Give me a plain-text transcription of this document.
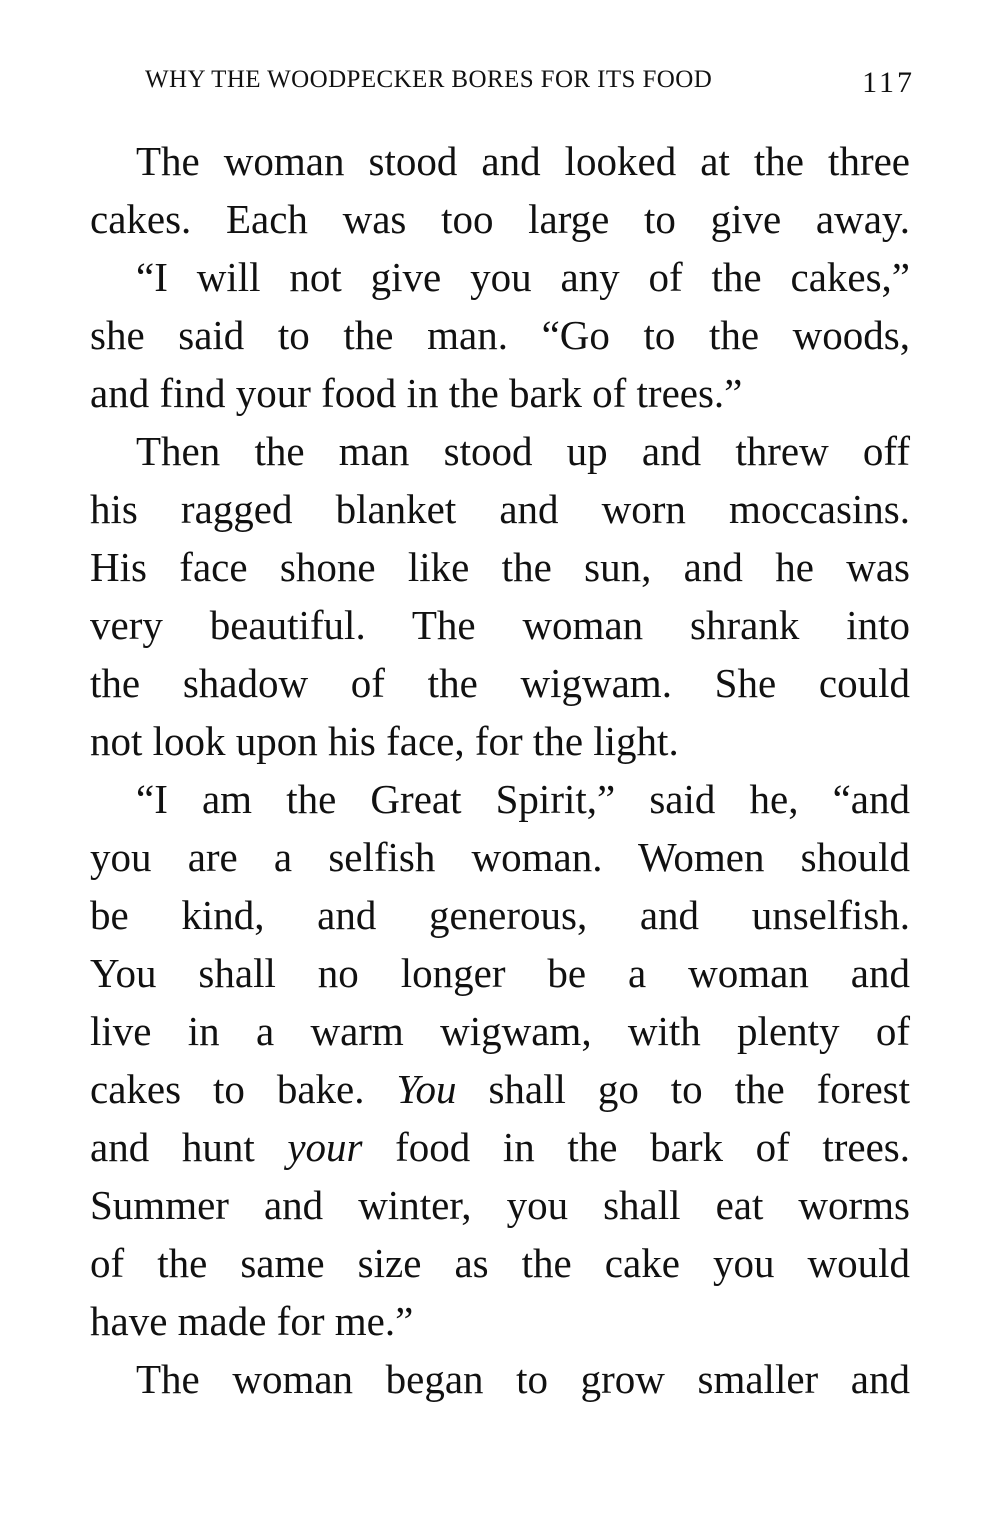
WHY THE WOODPECKER BORES FOR ITS FOOD	117
The woman stood and looked at the three
cakes. Each was too large to give away.
“I will not give you any of the cakes,”
she said to the man. “Go to the woods,
and find your food in the bark of trees.”
Then the man stood up and threw off
his ragged blanket and worn moccasins.
His face shone like the sun, and he was
very beautiful. The woman shrank into
the shadow of the wigwam. She could
not look upon his face, for the light.
“I am the Great Spirit,” said he, “and
you are a selfish woman. Women should
be kind, and generous, and unselfish.
You shall no longer be a woman and
live in a warm wigwam, with plenty of
cakes to bake. You shall go to the forest
and hunt your food in the bark of trees.
Summer and winter, you shall eat worms
of the same size as the cake you would
have made for me.”
The woman began to grow smaller and
